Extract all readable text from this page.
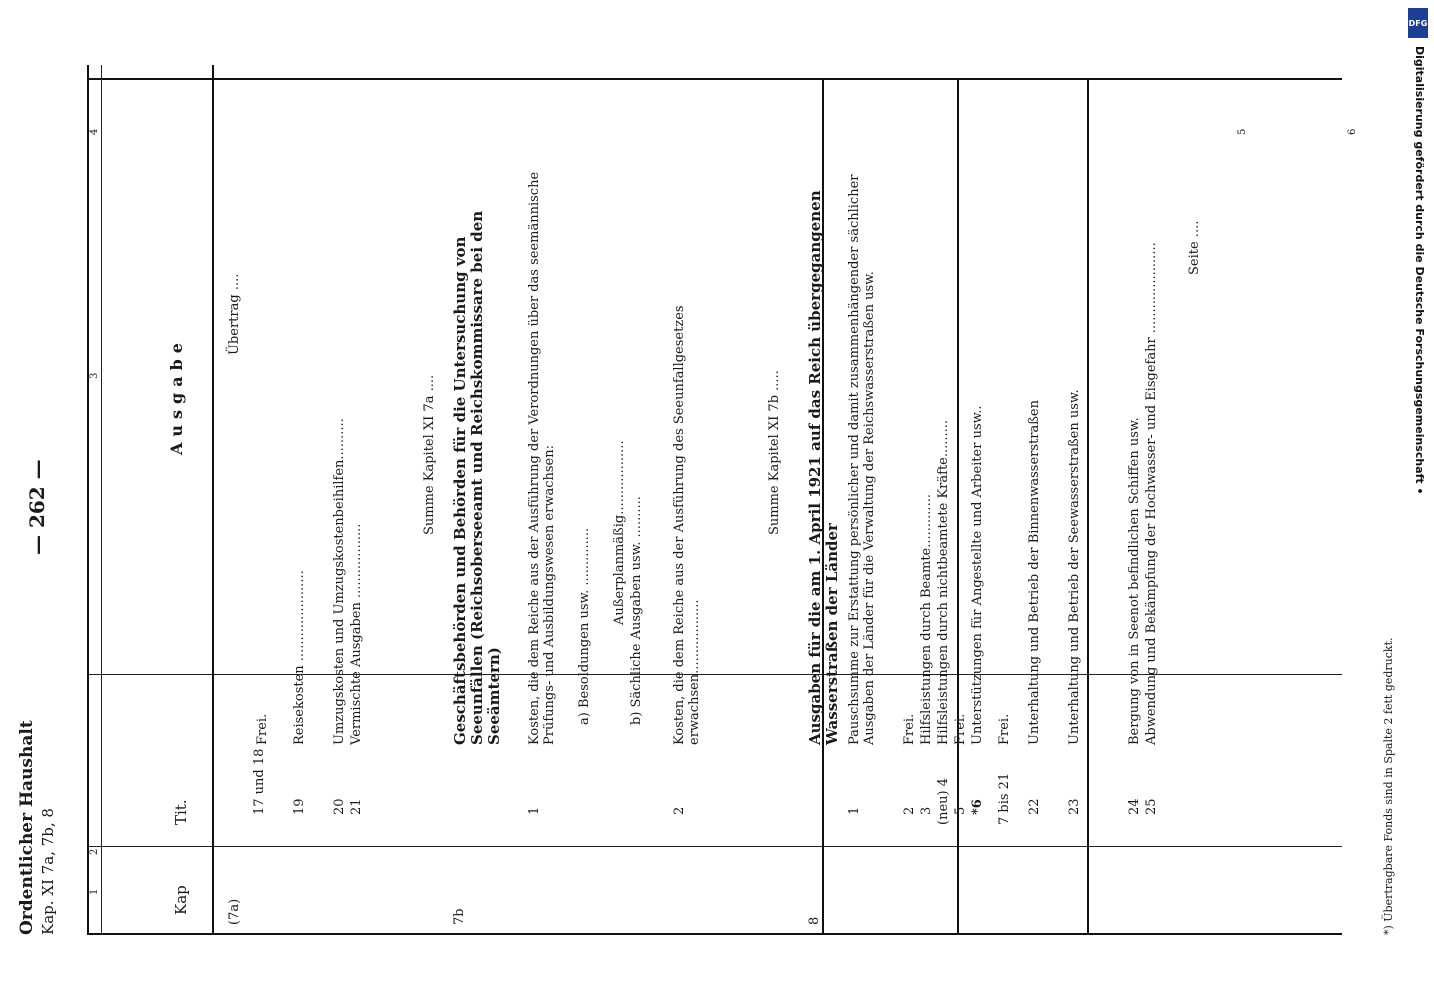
Ordentlicher Haushalt Kap. XI 7a, 7b, 8
— 262 —
1
2
3
4	6
5
Kap
Tit.
Ausgabe
(7a)
Übertrag ....
17 und 18
Frei.
19
Reisekosten ......................
20
Umzugskosten und Umzugskostenbeihilfen..........
21
Vermischte Ausgaben ..................
Summe Kapitel XI 7a ....
7b
Geschäftsbehörden und Behörden für die Untersuchung von Seeunfällen (Reichsoberseeamt und Reichskommissare bei den Seeämtern)
1
Kosten, die dem Reiche aus der Ausführung der Verordnungen über das seemännische Prüfungs- und Ausbildungswesen erwachsen: a) Besoldungen usw. .............. Außerplanmäßig.................. b) Sächliche Ausgaben usw. ..........
2
Kosten, die dem Reiche aus der Ausführung des Seeunfallgesetzes erwachsen..................
Summe Kapitel XI 7b .....
8
Ausgaben für die am 1. April 1921 auf das Reich übergegangenen Wasserstraßen der Länder
1
Pauschsumme zur Erstattung persönlicher und damit zusammenhängender sächlicher Ausgaben der Länder für die Verwaltung der Reichswasserstraßen usw.
2
Frei.
3
Hilfsleistungen durch Beamte.............
(neu) 4
Hilfsleistungen durch nichtbeamtete Kräfte.........
5
Frei.
*6
Unterstützungen für Angestellte und Arbeiter usw..
7 bis 21
Frei.
22
Unterhaltung und Betrieb der Binnenwasserstraßen
23
Unterhaltung und Betrieb der Seewasserstraßen usw.
24
Bergung von in Seenot befindlichen Schiffen usw.
25
Abwendung und Bekämpfung der Hochwasser- und Eisgefahr ...................... Seite ....
*) Übertragbare Fonds sind in Spalte 2 fett gedruckt.
DFG
Digitalisierung gefördert durch die Deutsche Forschungsgemeinschaft •
